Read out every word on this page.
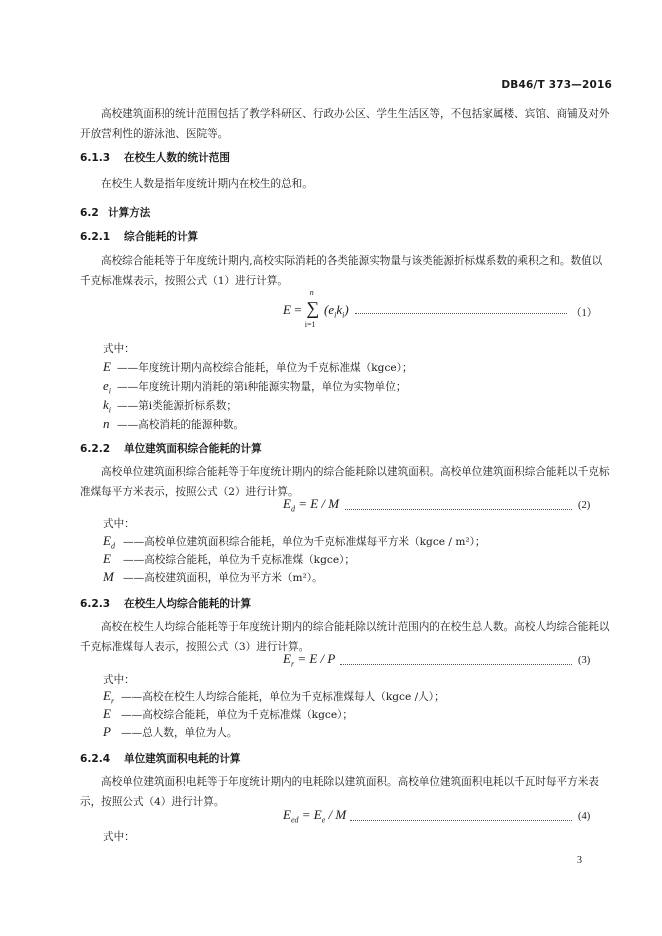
DB46/T 373—2016
高校建筑面积的统计范围包括了教学科研区、行政办公区、学生生活区等，不包括家属楼、宾馆、商铺及对外开放营利性的游泳池、医院等。
6.1.3 在校生人数的统计范围
在校生人数是指年度统计期内在校生的总和。
6.2 计算方法
6.2.1 综合能耗的计算
高校综合能耗等于年度统计期内,高校实际消耗的各类能源实物量与该类能源折标煤系数的乘积之和。数值以千克标准煤表示，按照公式（1）进行计算。
E =
n
∑
i=1
$(e_ik_i)$	（1）
式中：
E ——年度统计期内高校综合能耗，单位为千克标准煤（kgce）；
$e_i$ ——年度统计期内消耗的第i种能源实物量，单位为实物单位；
$k_i$ ——第i类能源折标系数；
n ——高校消耗的能源种数。
6.2.2 单位建筑面积综合能耗的计算
高校单位建筑面积综合能耗等于年度统计期内的综合能耗除以建筑面积。高校单位建筑面积综合能耗以千克标准煤每平方米表示，按照公式（2）进行计算。
$E_d = E / M$	(2)
式中：
$E_d$ ——高校单位建筑面积综合能耗，单位为千克标准煤每平方米（kgce / m²）；
E ——高校综合能耗，单位为千克标准煤（kgce）；
M ——高校建筑面积，单位为平方米（m²）。
6.2.3 在校生人均综合能耗的计算
高校在校生人均综合能耗等于年度统计期内的综合能耗除以统计范围内的在校生总人数。高校人均综合能耗以千克标准煤每人表示，按照公式（3）进行计算。
$E_r = E / P$	(3)
式中：
$E_r$ ——高校在校生人均综合能耗，单位为千克标准煤每人（kgce /人）；
E ——高校综合能耗，单位为千克标准煤（kgce）；
P ——总人数，单位为人。
6.2.4 单位建筑面积电耗的计算
高校单位建筑面积电耗等于年度统计期内的电耗除以建筑面积。高校单位建筑面积电耗以千瓦时每平方米表示，按照公式（4）进行计算。
$E_{ed} = E_e / M$	(4)
式中：
3
